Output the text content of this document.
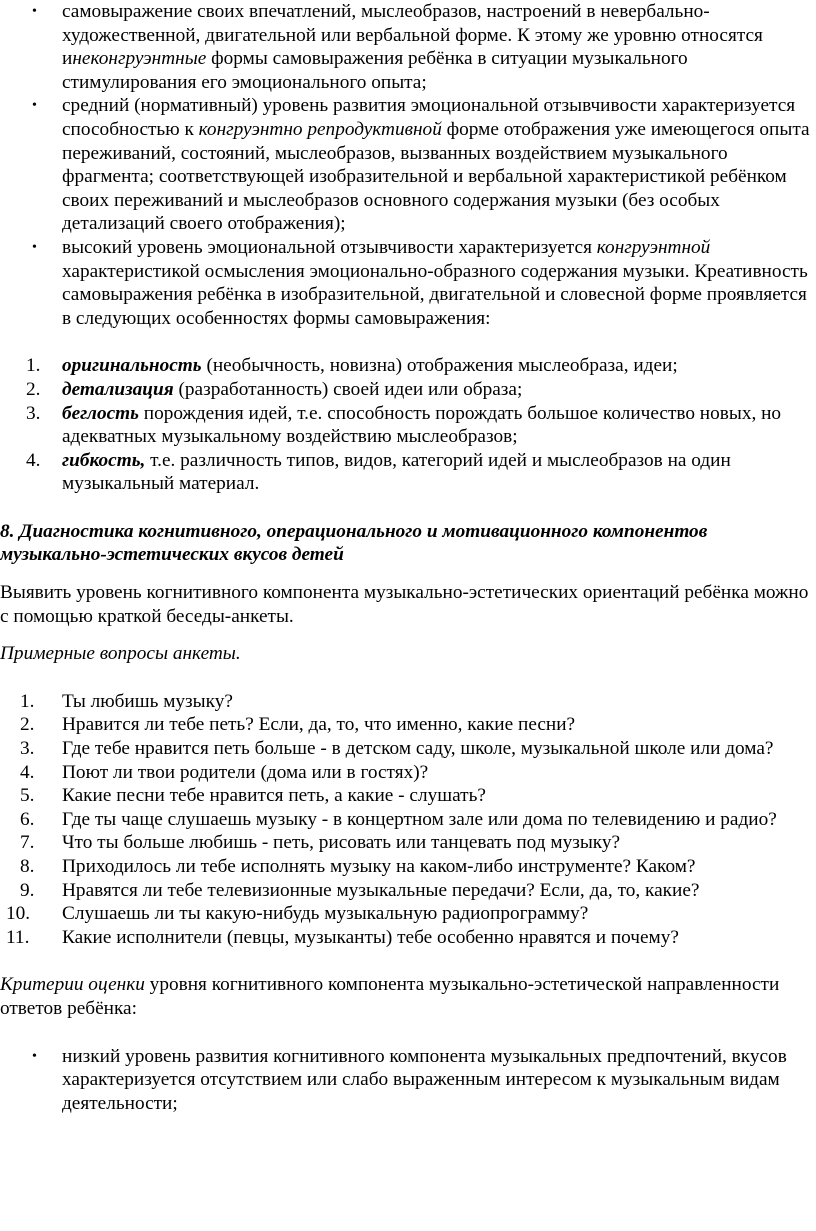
• самовыражение своих впечатлений, мыслеобразов, настроений в невербально-художественной, двигательной или вербальной форме. К этому же уровню относятся инеконгруэнтные формы самовыражения ребёнка в ситуации музыкального стимулирования его эмоционального опыта;
• средний (нормативный) уровень развития эмоциональной отзывчивости характеризуется способностью к конгруэнтно репродуктивной форме отображения уже имеющегося опыта переживаний, состояний, мыслеобразов, вызванных воздействием музыкального фрагмента; соответствующей изобразительной и вербальной характеристикой ребёнком своих переживаний и мыслеобразов основного содержания музыки (без особых детализаций своего отображения);
• высокий уровень эмоциональной отзывчивости характеризуется конгруэнтной характеристикой осмысления эмоционально-образного содержания музыки. Креативность самовыражения ребёнка в изобразительной, двигательной и словесной форме проявляется в следующих особенностях формы самовыражения:
1. оригинальность (необычность, новизна) отображения мыслеобраза, идеи;
2. детализация (разработанность) своей идеи или образа;
3. беглость порождения идей, т.е. способность порождать большое количество новых, но адекватных музыкальному воздействию мыслеобразов;
4. гибкость, т.е. различность типов, видов, категорий идей и мыслеобразов на один музыкальный материал.

8. Диагностика когнитивного, операционального и мотивационного компонентов музыкально-эстетических вкусов детей

Выявить уровень когнитивного компонента музыкально-эстетических ориентаций ребёнка можно с помощью краткой беседы-анкеты.

Примерные вопросы анкеты.

1. Ты любишь музыку?
2. Нравится ли тебе петь? Если, да, то, что именно, какие песни?
3. Где тебе нравится петь больше - в детском саду, школе, музыкальной школе или дома?
4. Поют ли твои родители (дома или в гостях)?
5. Какие песни тебе нравится петь, а какие - слушать?
6. Где ты чаще слушаешь музыку - в концертном зале или дома по телевидению и радио?
7. Что ты больше любишь - петь, рисовать или танцевать под музыку?
8. Приходилось ли тебе исполнять музыку на каком-либо инструменте? Каком?
9. Нравятся ли тебе телевизионные музыкальные передачи? Если, да, то, какие?
10. Слушаешь ли ты какую-нибудь музыкальную радиопрограмму?
11. Какие исполнители (певцы, музыканты) тебе особенно нравятся и почему?

Критерии оценки уровня когнитивного компонента музыкально-эстетической направленности ответов ребёнка:

• низкий уровень развития когнитивного компонента музыкальных предпочтений, вкусов характеризуется отсутствием или слабо выраженным интересом к музыкальным видам деятельности;
